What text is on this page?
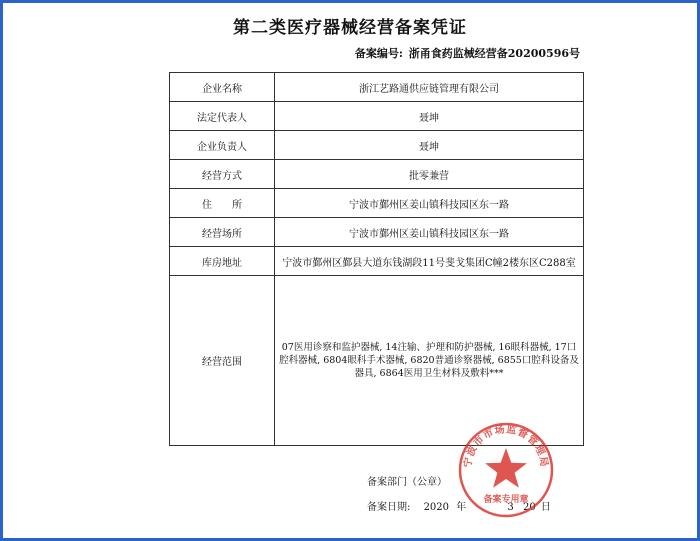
第二类医疗器械经营备案凭证
备案编号: 浙甬食药监械经营备20200596号
企业名称	浙江艺路通供应链管理有限公司
法定代表人	聂坤
企业负责人	聂坤
经营方式	批零兼营
住　　所	宁波市鄞州区姜山镇科技园区东一路
经营场所	宁波市鄞州区姜山镇科技园区东一路
库房地址	宁波市鄞州区鄞县大道东钱湖段11号斐戈集团C幢2楼东区C288室
经营范围	07医用诊察和监护器械, 14注输、护理和防护器械, 16眼科器械, 17口腔科器械, 6804眼科手术器械, 6820普通诊察器械, 6855口腔科设备及器具, 6864医用卫生材料及敷料***
备案部门（公章）
备案日期: 2020 年	3 20 日
宁波市市场监督管理局
备案专用章
